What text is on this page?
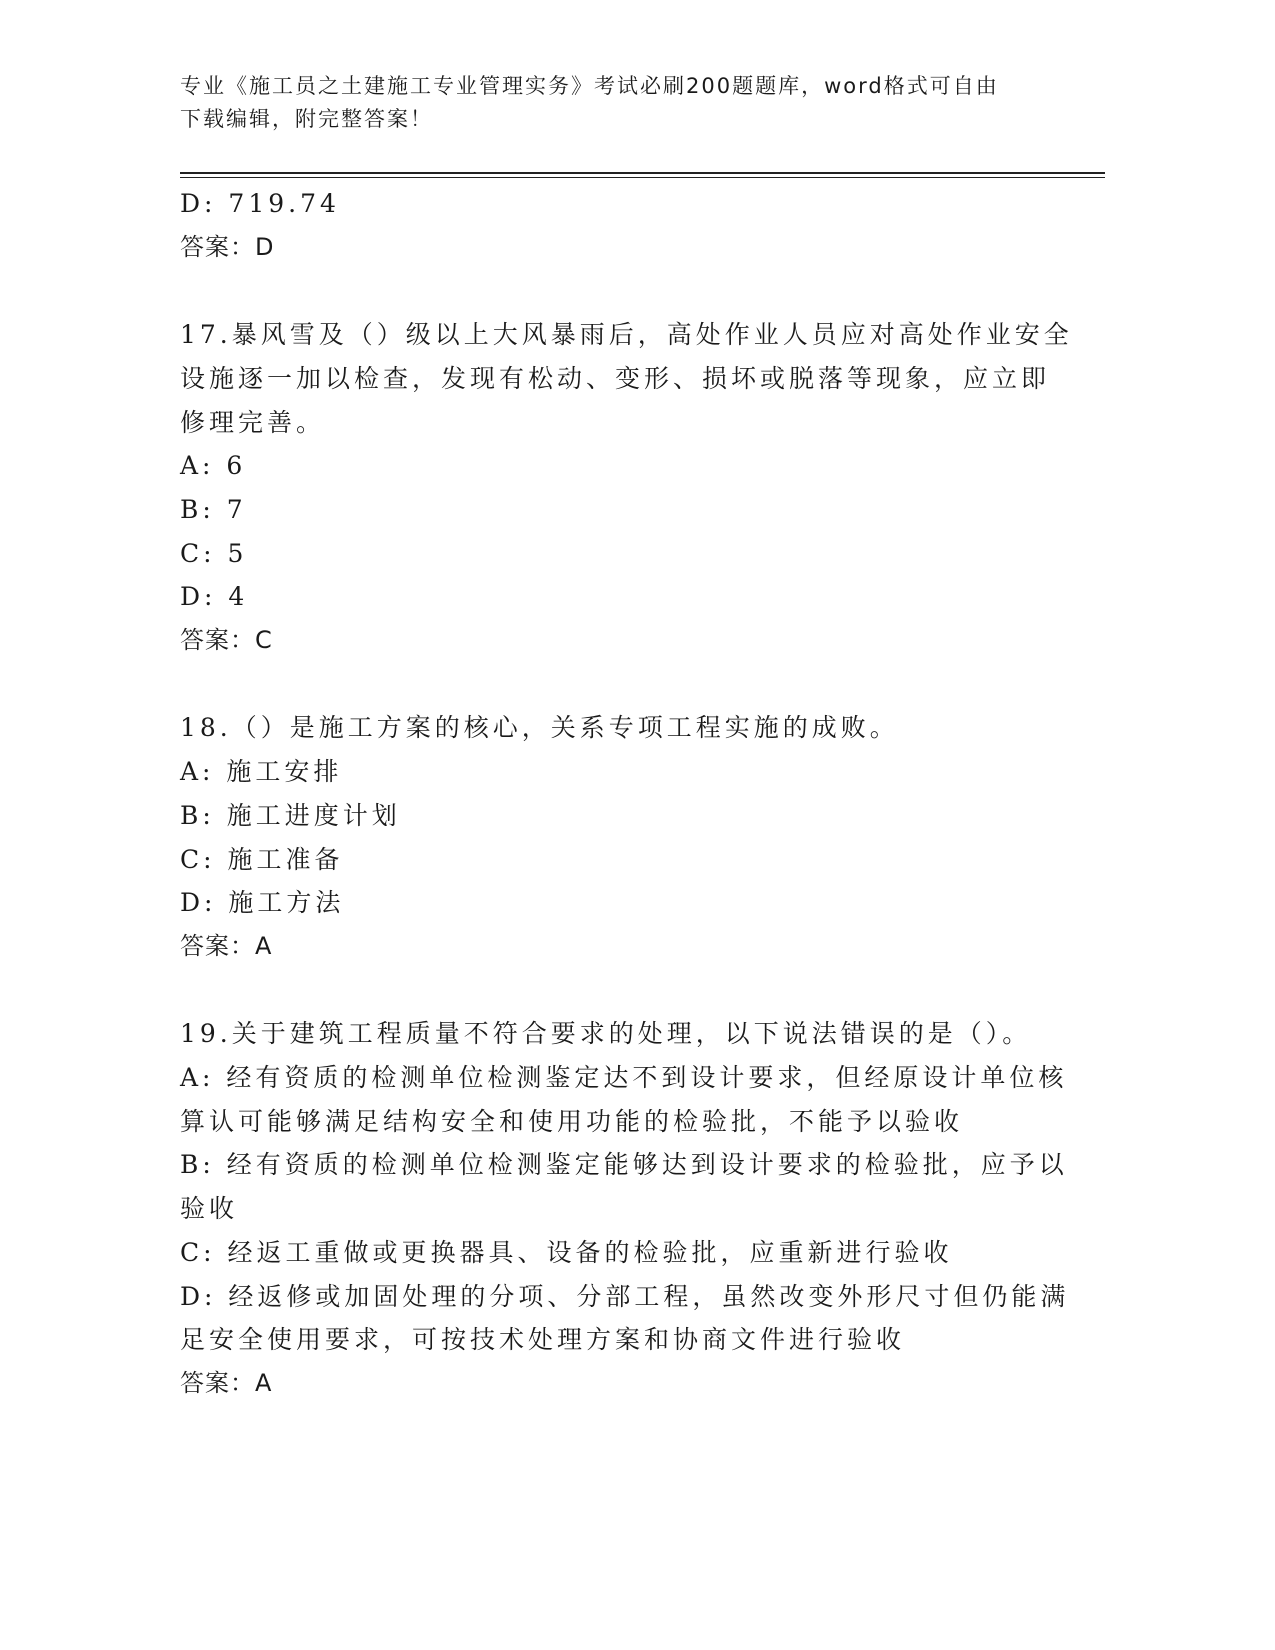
专业《施工员之土建施工专业管理实务》考试必刷200题题库，word格式可自由
下载编辑，附完整答案！
D: 719.74
答案：D
17.暴风雪及（）级以上大风暴雨后，高处作业人员应对高处作业安全
设施逐一加以检查，发现有松动、变形、损坏或脱落等现象，应立即
修理完善。
A: 6
B: 7
C: 5
D: 4
答案：C
18.（）是施工方案的核心，关系专项工程实施的成败。
A: 施工安排
B: 施工进度计划
C: 施工准备
D: 施工方法
答案：A
19.关于建筑工程质量不符合要求的处理，以下说法错误的是（）。
A: 经有资质的检测单位检测鉴定达不到设计要求，但经原设计单位核
算认可能够满足结构安全和使用功能的检验批，不能予以验收
B: 经有资质的检测单位检测鉴定能够达到设计要求的检验批，应予以
验收
C: 经返工重做或更换器具、设备的检验批，应重新进行验收
D: 经返修或加固处理的分项、分部工程，虽然改变外形尺寸但仍能满
足安全使用要求，可按技术处理方案和协商文件进行验收
答案：A
